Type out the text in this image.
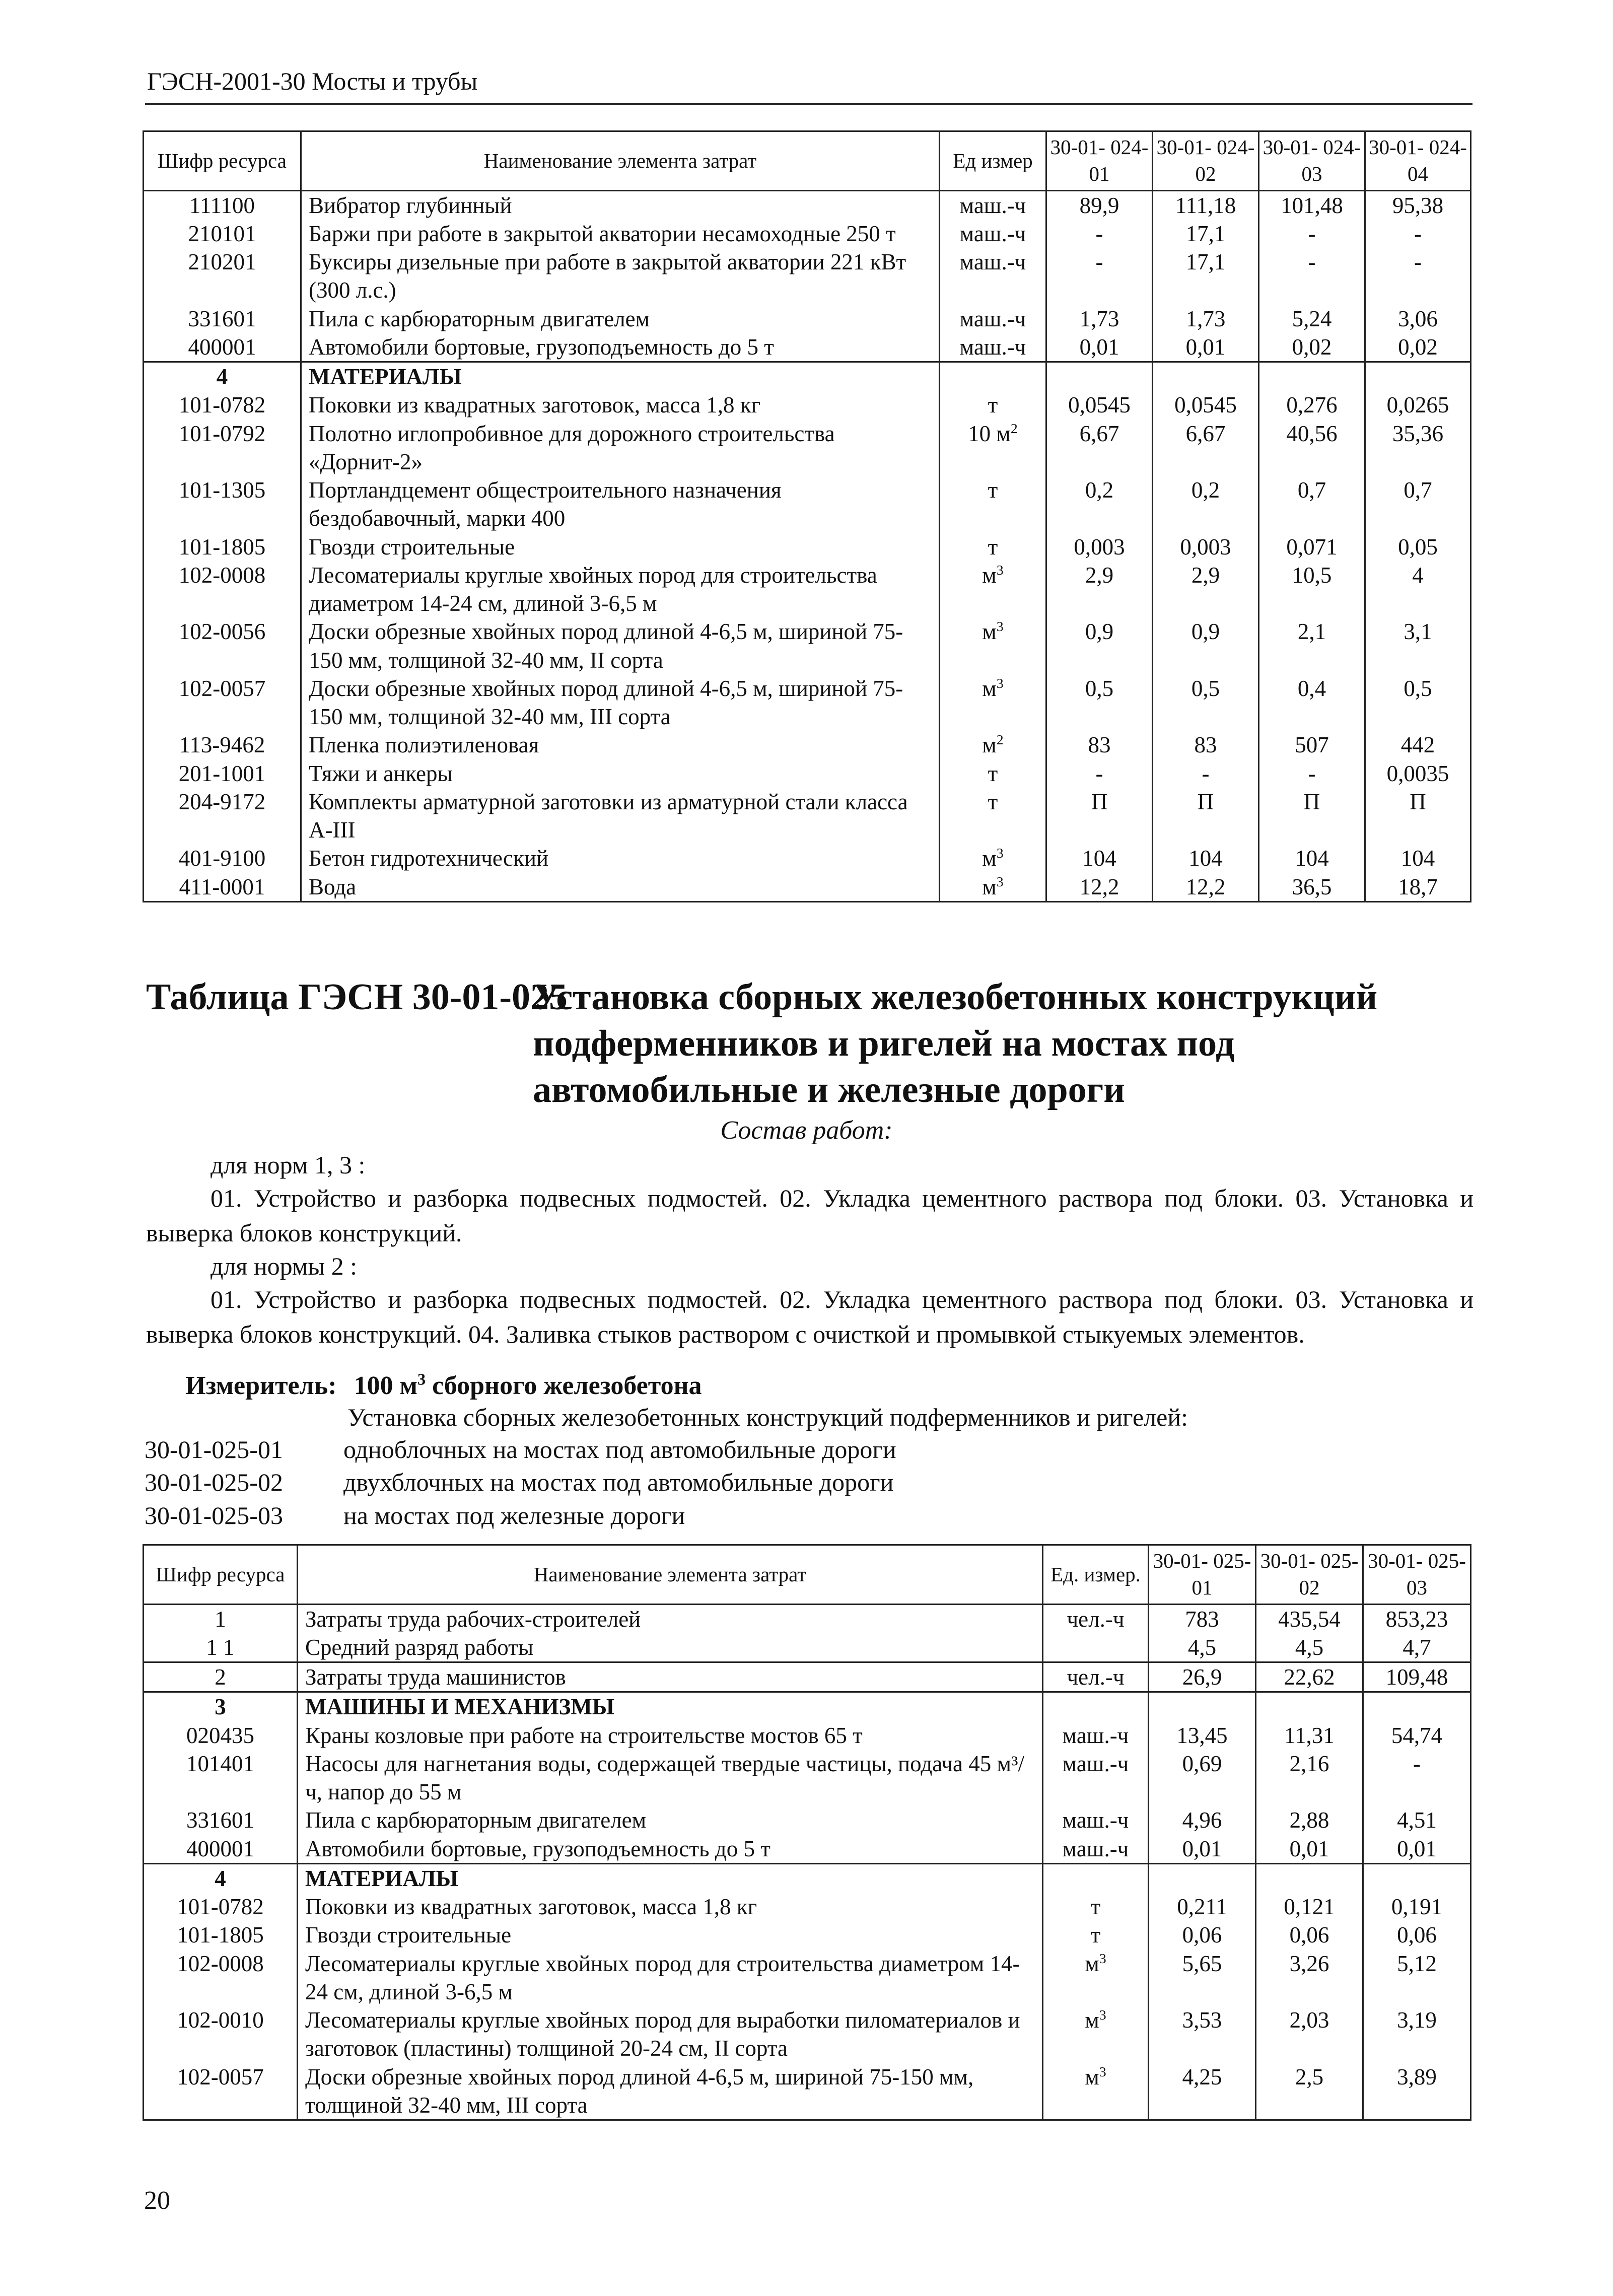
ГЭСН-2001-30 Мосты и трубы
Шифр ресурса	Наименование элемента затрат	Ед измер	30-01- 024-01	30-01- 024-02	30-01- 024-03	30-01- 024-04
111100	Вибратор глубинный	маш.-ч	89,9	111,18	101,48	95,38
210101	Баржи при работе в закрытой акватории несамоходные 250 т	маш.-ч	-	17,1	-	-
210201	Буксиры дизельные при работе в закрытой акватории 221 кВт (300 л.с.)	маш.-ч	-	17,1	-	-
331601	Пила с карбюраторным двигателем	маш.-ч	1,73	1,73	5,24	3,06
400001	Автомобили бортовые, грузоподъемность до 5 т	маш.-ч	0,01	0,01	0,02	0,02
4	МАТЕРИАЛЫ					
101-0782	Поковки из квадратных заготовок, масса 1,8 кг	т	0,0545	0,0545	0,276	0,0265
101-0792	Полотно иглопробивное для дорожного строительства «Дорнит-2»	10 $м^2$	6,67	6,67	40,56	35,36
101-1305	Портландцемент общестроительного назначения бездобавочный, марки 400	т	0,2	0,2	0,7	0,7
101-1805	Гвозди строительные	т	0,003	0,003	0,071	0,05
102-0008	Лесоматериалы круглые хвойных пород для строительства диаметром 14-24 см, длиной 3-6,5 м	$м^3$	2,9	2,9	10,5	4
102-0056	Доски обрезные хвойных пород длиной 4-6,5 м, шириной 75-150 мм, толщиной 32-40 мм, II сорта	$м^3$	0,9	0,9	2,1	3,1
102-0057	Доски обрезные хвойных пород длиной 4-6,5 м, шириной 75-150 мм, толщиной 32-40 мм, III сорта	$м^3$	0,5	0,5	0,4	0,5
113-9462	Пленка полиэтиленовая	$м^2$	83	83	507	442
201-1001	Тяжи и анкеры	т	-	-	-	0,0035
204-9172	Комплекты арматурной заготовки из арматурной стали класса А-III	т	П	П	П	П
401-9100	Бетон гидротехнический	$м^3$	104	104	104	104
411-0001	Вода	$м^3$	12,2	12,2	36,5	18,7
Таблица ГЭСН 30-01-025
Установка сборных железобетонных конструкций подферменников и ригелей на мостах под автомобильные и железные дороги
Состав работ:
для норм 1, 3 :
01. Устройство и разборка подвесных подмостей. 02. Укладка цементного раствора под блоки. 03. Установка и выверка блоков конструкций.
для нормы 2 :
01. Устройство и разборка подвесных подмостей. 02. Укладка цементного раствора под блоки. 03. Установка и выверка блоков конструкций. 04. Заливка стыков раствором с очисткой и промывкой стыкуемых элементов.
Измеритель: 100 $м^3$ сборного железобетона
Установка сборных железобетонных конструкций подферменников и ригелей:
30-01-025-01 одноблочных на мостах под автомобильные дороги
30-01-025-02 двухблочных на мостах под автомобильные дороги
30-01-025-03 на мостах под железные дороги
Шифр ресурса	Наименование элемента затрат	Ед. измер.	30-01- 025-01	30-01- 025-02	30-01- 025-03
1	Затраты труда рабочих-строителей	чел.-ч	783	435,54	853,23
1 1	Средний разряд работы		4,5	4,5	4,7
2	Затраты труда машинистов	чел.-ч	26,9	22,62	109,48
3	МАШИНЫ И МЕХАНИЗМЫ				
020435	Краны козловые при работе на строительстве мостов 65 т	маш.-ч	13,45	11,31	54,74
101401	Насосы для нагнетания воды, содержащей твердые частицы, подача 45 м³/ч, напор до 55 м	маш.-ч	0,69	2,16	-
331601	Пила с карбюраторным двигателем	маш.-ч	4,96	2,88	4,51
400001	Автомобили бортовые, грузоподъемность до 5 т	маш.-ч	0,01	0,01	0,01
4	МАТЕРИАЛЫ				
101-0782	Поковки из квадратных заготовок, масса 1,8 кг	т	0,211	0,121	0,191
101-1805	Гвозди строительные	т	0,06	0,06	0,06
102-0008	Лесоматериалы круглые хвойных пород для строительства диаметром 14-24 см, длиной 3-6,5 м	$м^3$	5,65	3,26	5,12
102-0010	Лесоматериалы круглые хвойных пород для выработки пиломатериалов и заготовок (пластины) толщиной 20-24 см, II сорта	$м^3$	3,53	2,03	3,19
102-0057	Доски обрезные хвойных пород длиной 4-6,5 м, шириной 75-150 мм, толщиной 32-40 мм, III сорта	$м^3$	4,25	2,5	3,89
20
